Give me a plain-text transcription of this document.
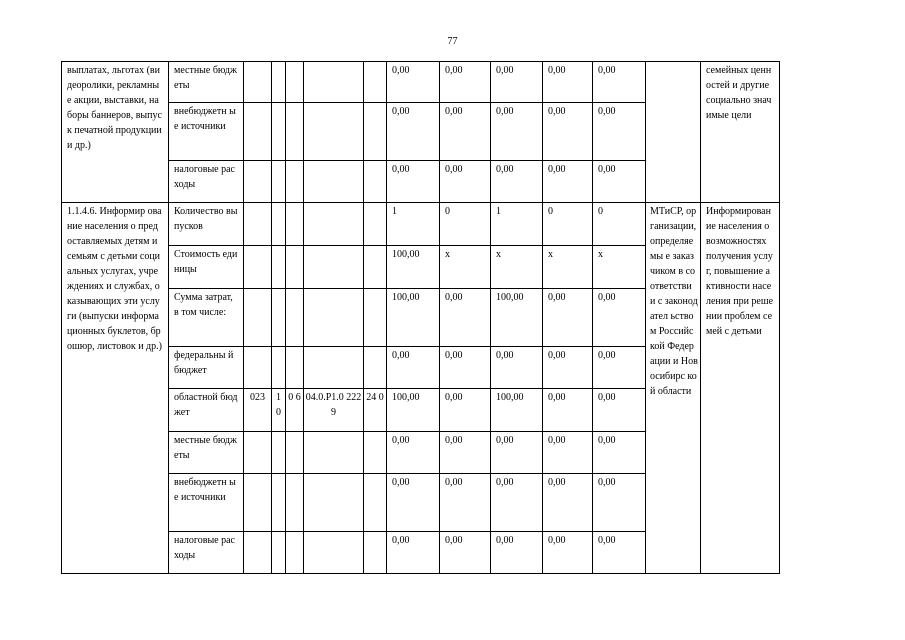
77
выплатах, льготах (видеоролики, рекламные акции, выставки, наборы баннеров, выпуск печатной продукции и др.)	местные бюджеты						0,00	0,00	0,00	0,00	0,00		семейных ценностей и другие социально значимые цели
	внебюджетн ые источники						0,00	0,00	0,00	0,00	0,00		
	налоговые расходы						0,00	0,00	0,00	0,00	0,00		
1.1.4.6. Информир ование населения о предоставляемых детям и семьям с детьми социальных услугах, учреждениях и службах, оказывающих эти услуги (выпуски информационных буклетов, брошюр, листовок и др.)	Количество выпусков						1	0	1	0	0	МТиСР, организации, определяемы е заказчиком в соответстви и с законодател ьством Российской Федерации и Новосибирс кой области	Информирование населения о возможностях получения услуг, повышение активности населения при решении проблем семей с детьми
	Стоимость единицы						100,00	x	x	x	x		
	Сумма затрат, в том числе:						100,00	0,00	100,00	0,00	0,00		
	федеральны й бюджет						0,00	0,00	0,00	0,00	0,00		
	областной бюджет	023	1 0	0 6	04.0.P1.0 2229	24 0	100,00	0,00	100,00	0,00	0,00		
	местные бюджеты						0,00	0,00	0,00	0,00	0,00		
	внебюджетн ые источники						0,00	0,00	0,00	0,00	0,00		
	налоговые расходы						0,00	0,00	0,00	0,00	0,00		
